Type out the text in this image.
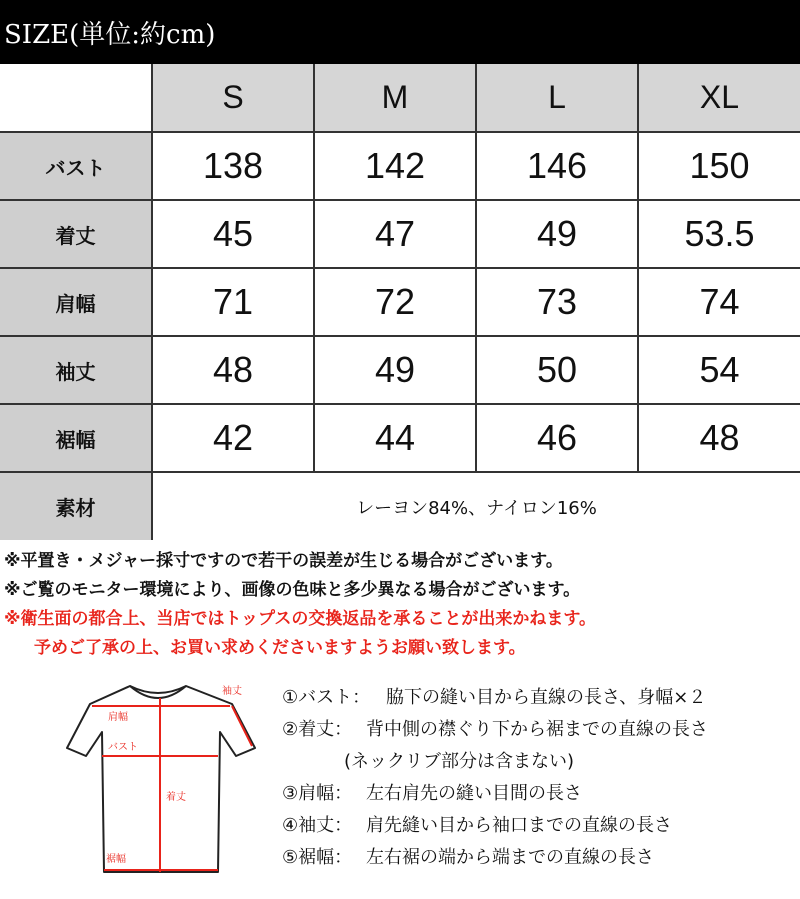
SIZE(単位:約cm)
	S	M	L	XL
バスト	138	142	146	150
着丈	45	47	49	53.5
肩幅	71	72	73	74
袖丈	48	49	50	54
裾幅	42	44	46	48
素材	レーヨン84%、ナイロン16%			
※平置き・メジャー採寸ですので若干の誤差が生じる場合がございます。
※ご覧のモニター環境により、画像の色味と多少異なる場合がございます。
※衛生面の都合上、当店ではトップスの交換返品を承ることが出来かねます。
予めご了承の上、お買い求めくださいますようお願い致します。
袖丈
肩幅
バスト
着丈
裾幅
①バスト： 脇下の縫い目から直線の長さ、身幅×２
②着丈： 背中側の襟ぐり下から裾までの直線の長さ
(ネックリブ部分は含まない)
③肩幅： 左右肩先の縫い目間の長さ
④袖丈： 肩先縫い目から袖口までの直線の長さ
⑤裾幅： 左右裾の端から端までの直線の長さ
